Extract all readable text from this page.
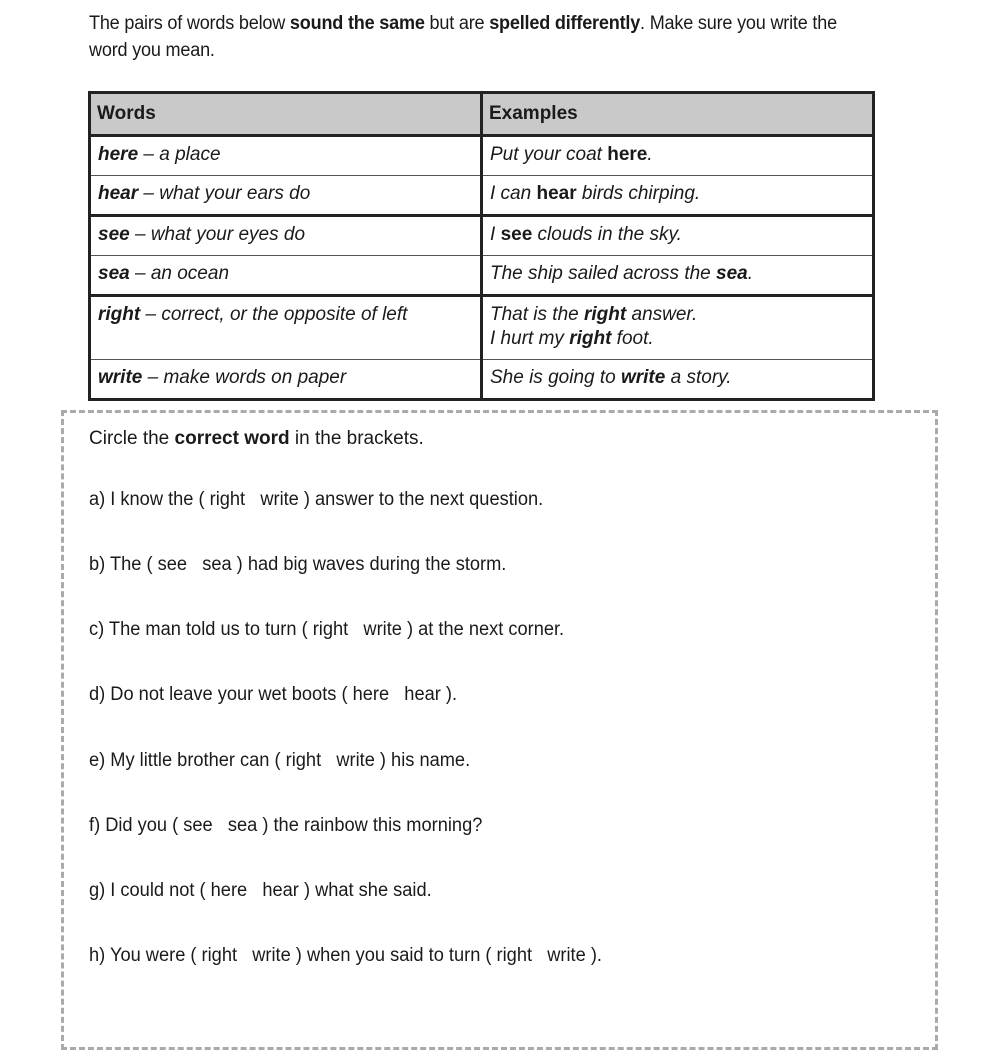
The pairs of words below sound the same but are spelled differently. Make sure you write the word you mean.
Words	Examples
here – a place	Put your coat here.
hear – what your ears do	I can hear birds chirping.
see – what your eyes do	I see clouds in the sky.
sea – an ocean	The ship sailed across the sea.
right – correct, or the opposite of left	That is the right answer.
I hurt my right foot.

write – make words on paper	She is going to write a story.
Circle the correct word in the brackets.
a) I know the ( right   write ) answer to the next question.
b) The ( see   sea ) had big waves during the storm.
c) The man told us to turn ( right   write ) at the next corner.
d) Do not leave your wet boots ( here   hear ).
e) My little brother can ( right   write ) his name.
f) Did you ( see   sea ) the rainbow this morning?
g) I could not ( here   hear ) what she said.
h) You were ( right   write ) when you said to turn ( right   write ).
